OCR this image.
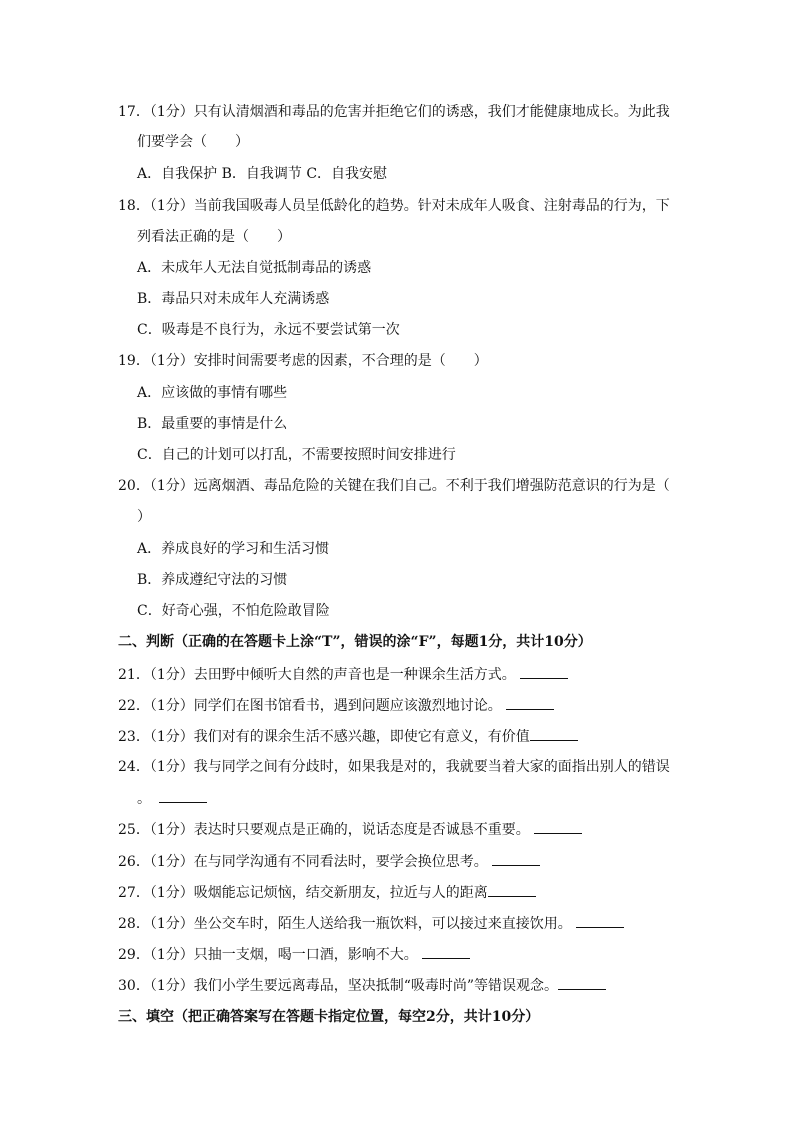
17．（1分）只有认清烟酒和毒品的危害并拒绝它们的诱惑，我们才能健康地成长。为此我
们要学会（　　）
A．自我保护 B．自我调节 C．自我安慰
18．（1分）当前我国吸毒人员呈低龄化的趋势。针对未成年人吸食、注射毒品的行为，下
列看法正确的是（　　）
A．未成年人无法自觉抵制毒品的诱惑
B．毒品只对未成年人充满诱惑
C．吸毒是不良行为，永远不要尝试第一次
19．（1分）安排时间需要考虑的因素，不合理的是（　　）
A．应该做的事情有哪些
B．最重要的事情是什么
C．自己的计划可以打乱，不需要按照时间安排进行
20．（1分）远离烟酒、毒品危险的关键在我们自己。不利于我们增强防范意识的行为是（
）
A．养成良好的学习和生活习惯
B．养成遵纪守法的习惯
C．好奇心强，不怕危险敢冒险
二、判断（正确的在答题卡上涂“T”，错误的涂“F”，每题1分，共计10分）
21．（1分）去田野中倾听大自然的声音也是一种课余生活方式。
22．（1分）同学们在图书馆看书，遇到问题应该激烈地讨论。
23．（1分）我们对有的课余生活不感兴趣，即使它有意义，有价值
24．（1分）我与同学之间有分歧时，如果我是对的，我就要当着大家的面指出别人的错误
。
25．（1分）表达时只要观点是正确的，说话态度是否诚恳不重要。
26．（1分）在与同学沟通有不同看法时，要学会换位思考。
27．（1分）吸烟能忘记烦恼，结交新朋友，拉近与人的距离
28．（1分）坐公交车时，陌生人送给我一瓶饮料，可以接过来直接饮用。
29．（1分）只抽一支烟，喝一口酒，影响不大。
30．（1分）我们小学生要远离毒品，坚决抵制“吸毒时尚”等错误观念。
三、填空（把正确答案写在答题卡指定位置，每空2分，共计10分）
